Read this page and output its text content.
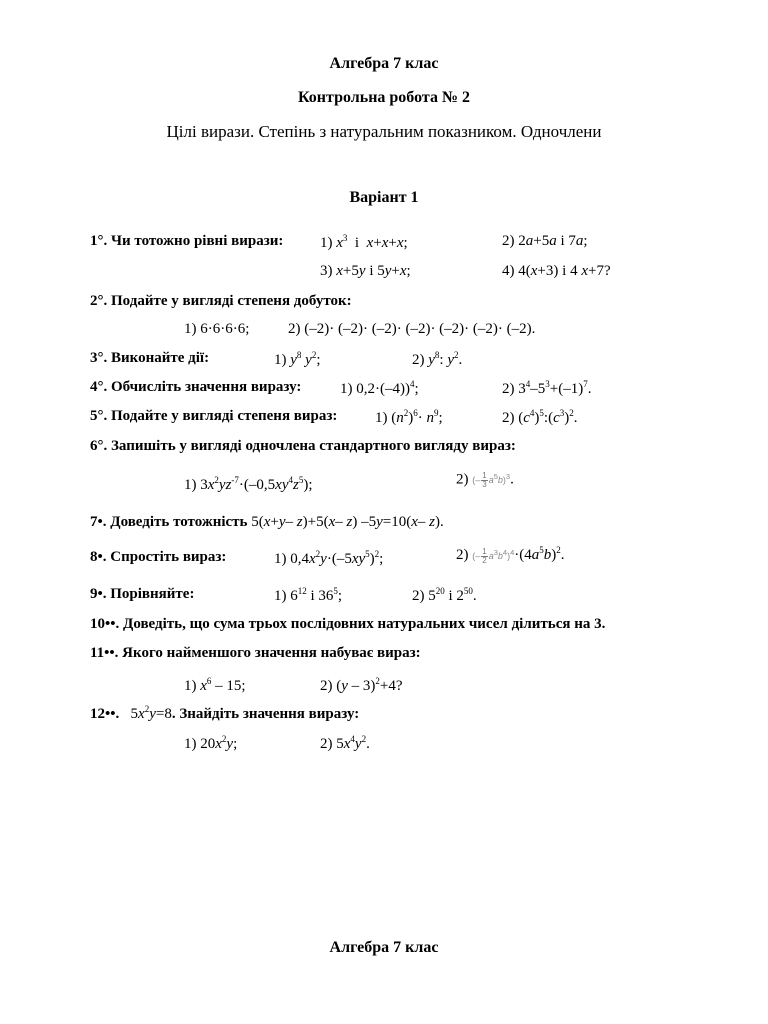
Алгебра 7 клас
Контрольна робота № 2
Цілі вирази. Степінь з натуральним показником. Одночлени
Варіант 1
1°. Чи тотожно рівні вирази: 1) $x^3$ і x+x+x;	2) 2a+5a і 7a;
3) x+5y і 5y+x;	4) 4(x+3) і 4 x+7?
2°. Подайте у вигляді степеня добуток:
1) 6·6·6·6;	2) (–2)· (–2)· (–2)· (–2)· (–2)· (–2)· (–2).
3°. Виконайте дії:	1) $y^8$ $y^2$;	2) $y^8$: $y^2$.
4°. Обчисліть значення виразу:	1) 0,2·(–4))$^4$;	2) $3^4-5^3+(-1)^7$.
5°. Подайте у вигляді степеня вираз:	1) $(n^2)^6\cdot n^9$;	2) $(c^4)^5:(c^3)^2$.
6°. Запишіть у вигляді одночлена стандартного вигляду вираз:
1) $3x^2yz^{-7}\cdot(-0,5xy^4z^5)$;	2) (– $\frac{1}{3} a^5b)^3$.
7•. Доведіть тотожність 5(x+y– z)+5(x– z) –5y=10(x– z).
8•. Спростіть вираз:	1) $0,4x^2y\cdot(-5xy^5)^2$;	2) (– $\frac{1}{2} a^3b^4)^4\cdot(4a^5b)^2$.
9•. Порівняйте:	1) $6^{12}$ і $36^5$;	2) $5^{20}$ і $2^{50}$.
10••. Доведіть, що сума трьох послідовних натуральних чисел ділиться на 3.
11••. Якого найменшого значення набуває вираз:
1) $x^6 - 15$;	2) (y – 3)$^2$+4?
12••.   $5x^2y=8$. Знайдіть значення виразу:
1) $20x^2y$;	2) $5x^4y^2$.
Алгебра 7 клас
